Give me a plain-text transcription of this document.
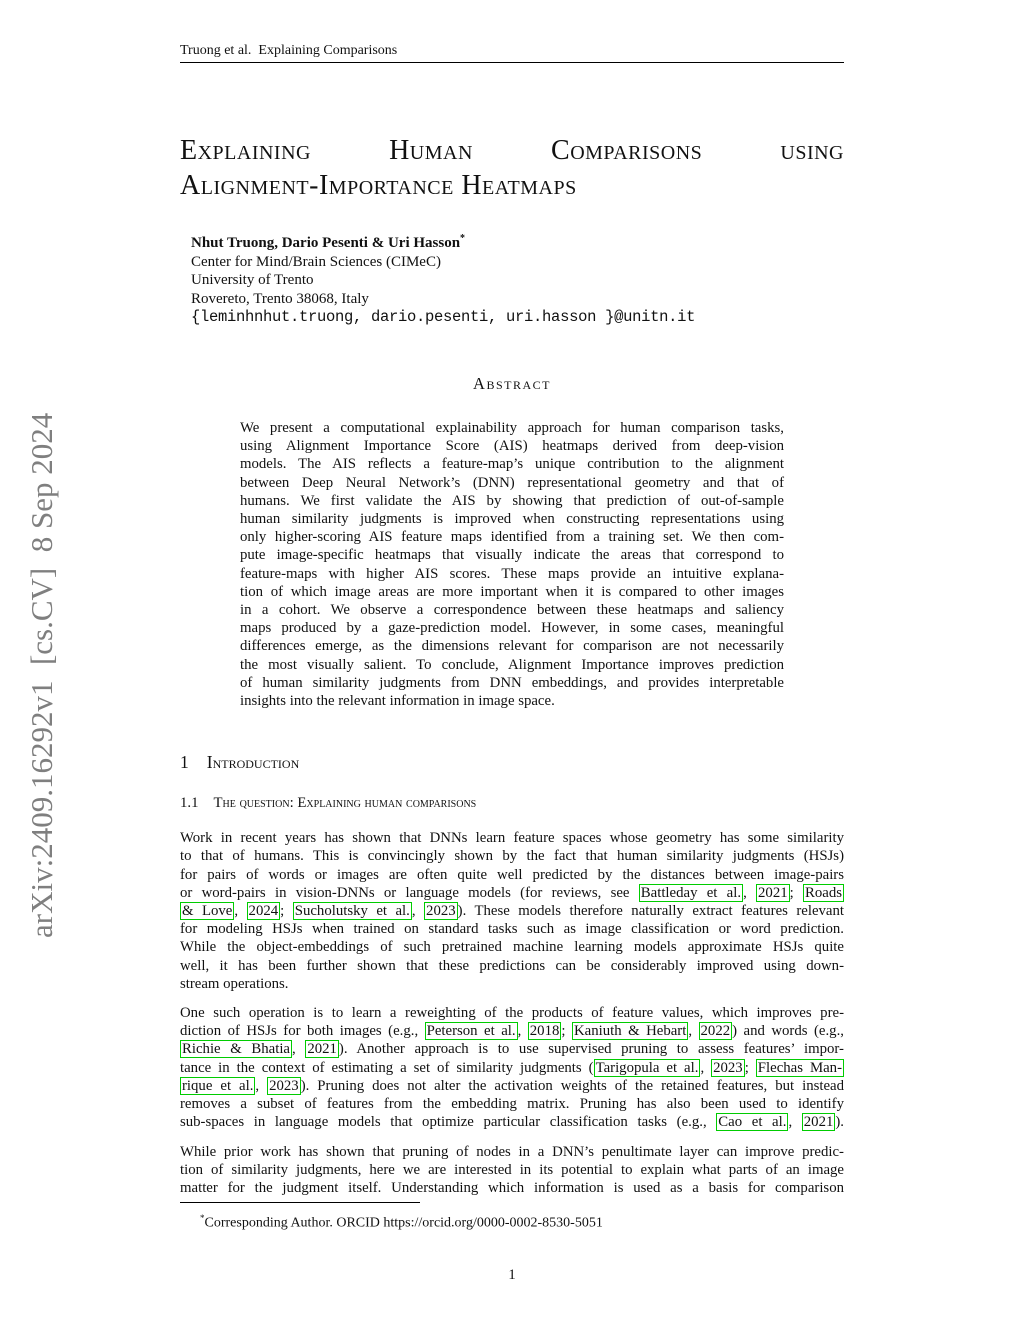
arXiv:2409.16292v1  [cs.CV]  8 Sep 2024
Truong et al.  Explaining Comparisons
Explaining Human Comparisons using
Alignment-Importance Heatmaps
Nhut Truong, Dario Pesenti & Uri Hasson*
Center for Mind/Brain Sciences (CIMeC)
University of Trento
Rovereto, Trento 38068, Italy
{leminhnhut.truong, dario.pesenti, uri.hasson }@unitn.it
Abstract
We present a computational explainability approach for human comparison tasks,
using Alignment Importance Score (AIS) heatmaps derived from deep-vision
models. The AIS reflects a feature-map’s unique contribution to the alignment
between Deep Neural Network’s (DNN) representational geometry and that of
humans. We first validate the AIS by showing that prediction of out-of-sample
human similarity judgments is improved when constructing representations using
only higher-scoring AIS feature maps identified from a training set. We then com-
pute image-specific heatmaps that visually indicate the areas that correspond to
feature-maps with higher AIS scores. These maps provide an intuitive explana-
tion of which image areas are more important when it is compared to other images
in a cohort. We observe a correspondence between these heatmaps and saliency
maps produced by a gaze-prediction model. However, in some cases, meaningful
differences emerge, as the dimensions relevant for comparison are not necessarily
the most visually salient. To conclude, Alignment Importance improves prediction
of human similarity judgments from DNN embeddings, and provides interpretable
insights into the relevant information in image space.
1 Introduction
1.1 The question: Explaining human comparisons
Work in recent years has shown that DNNs learn feature spaces whose geometry has some similarity
to that of humans. This is convincingly shown by the fact that human similarity judgments (HSJs)
for pairs of words or images are often quite well predicted by the distances between image-pairs
or word-pairs in vision-DNNs or language models (for reviews, see Battleday et al. , 2021 ; Roads
& Love , 2024 ; Sucholutsky et al. , 2023 ). These models therefore naturally extract features relevant
for modeling HSJs when trained on standard tasks such as image classification or word prediction.
While the object-embeddings of such pretrained machine learning models approximate HSJs quite
well, it has been further shown that these predictions can be considerably improved using down-
stream operations.
One such operation is to learn a reweighting of the products of feature values, which improves pre-
diction of HSJs for both images (e.g., Peterson et al. , 2018 ; Kaniuth & Hebart , 2022 ) and words (e.g.,
Richie & Bhatia , 2021 ). Another approach is to use supervised pruning to assess features’ impor-
tance in the context of estimating a set of similarity judgments ( Tarigopula et al. , 2023 ; Flechas Man-
rique et al. , 2023 ). Pruning does not alter the activation weights of the retained features, but instead
removes a subset of features from the embedding matrix. Pruning has also been used to identify
sub-spaces in language models that optimize particular classification tasks (e.g., Cao et al. , 2021 ).
While prior work has shown that pruning of nodes in a DNN’s penultimate layer can improve predic-
tion of similarity judgments, here we are interested in its potential to explain what parts of an image
matter for the judgment itself. Understanding which information is used as a basis for comparison
*Corresponding Author. ORCID https://orcid.org/0000-0002-8530-5051
1
